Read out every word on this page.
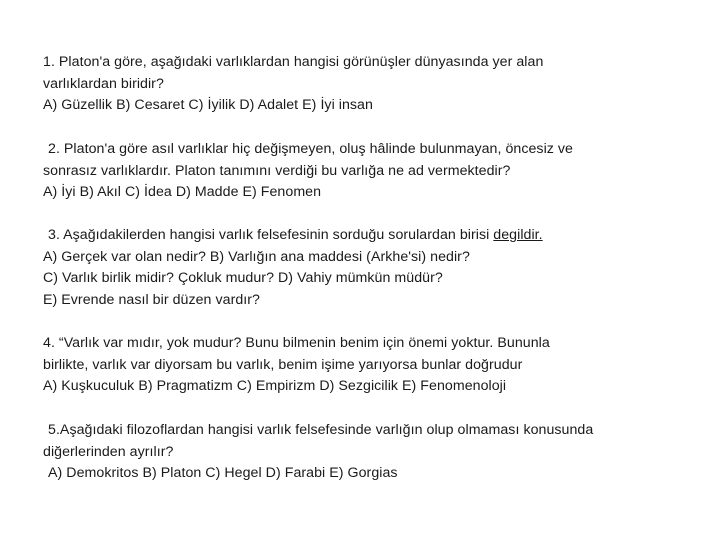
1. Platon'a göre, aşağıdaki varlıklardan hangisi görünüşler dünyasında yer alan
varlıklardan biridir?
A) Güzellik B) Cesaret C) İyilik D) Adalet E) İyi insan
2. Platon'a göre asıl varlıklar hiç değişmeyen, oluş hâlinde bulunmayan, öncesiz ve
sonrasız varlıklardır. Platon tanımını verdiği bu varlığa ne ad vermektedir?
A) İyi B) Akıl C) İdea D) Madde E) Fenomen
3. Aşağıdakilerden hangisi varlık felsefesinin sorduğu sorulardan birisi degildir.
A) Gerçek var olan nedir? B) Varlığın ana maddesi (Arkhe'si) nedir?
C) Varlık birlik midir? Çokluk mudur? D) Vahiy mümkün müdür?
E) Evrende nasıl bir düzen vardır?
4. “Varlık var mıdır, yok mudur? Bunu bilmenin benim için önemi yoktur. Bununla
birlikte, varlık var diyorsam bu varlık, benim işime yarıyorsa bunlar doğrudur
A) Kuşkuculuk B) Pragmatizm C) Empirizm D) Sezgicilik E) Fenomenoloji
5.Aşağıdaki filozoflardan hangisi varlık felsefesinde varlığın olup olmaması konusunda
diğerlerinden ayrılır?
A) Demokritos B) Platon C) Hegel D) Farabi E) Gorgias
